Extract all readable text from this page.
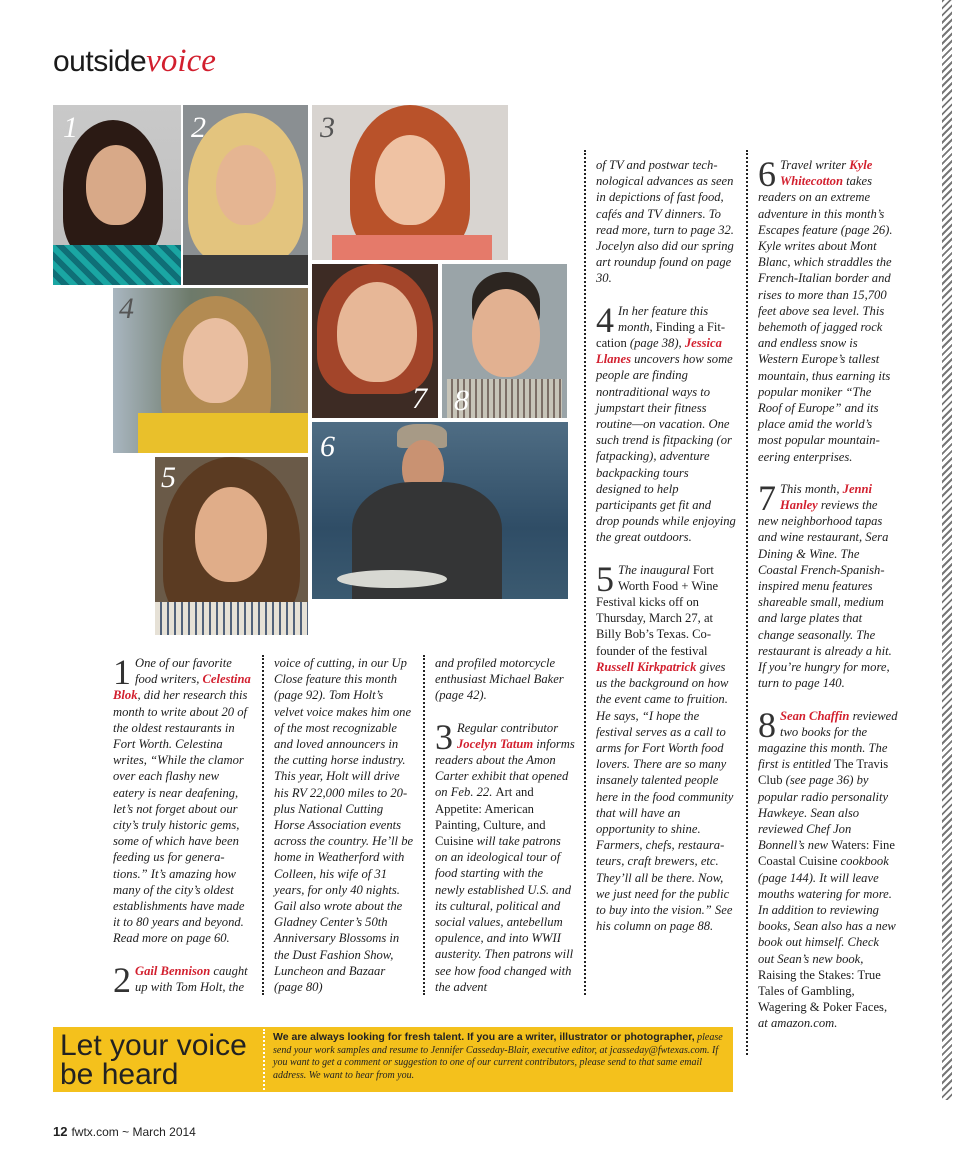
outsidevoice
1	2	3
4
7 8
6
5

1 One of our favorite food writers, Celestina Blok, did her research this month to write about 20 of the oldest restaurants in Fort Worth. Celestina writes, “While the clamor over each flashy new eatery is near deafening, let’s not forget about our city’s truly historic gems, some of which have been feeding us for generations.” It’s amazing how many of the city’s oldest establishments have made it to 80 years and beyond. Read more on page 60.

2 Gail Bennison caught up with Tom Holt, the

voice of cutting, in our Up Close feature this month (page 92). Tom Holt’s velvet voice makes him one of the most recognizable and loved announcers in the cutting horse industry. This year, Holt will drive his RV 22,000 miles to 20-plus National Cutting Horse Association events across the country. He’ll be home in Weatherford with Colleen, his wife of 31 years, for only 40 nights. Gail also wrote about the Gladney Center’s 50th Anniversary Blossoms in the Dust Fashion Show, Luncheon and Bazaar (page 80)

and profiled motorcycle enthusiast Michael Baker (page 42).

3 Regular contributor Jocelyn Tatum informs readers about the Amon Carter exhibit that opened on Feb. 22. Art and Appetite: American Painting, Culture, and Cuisine will take patrons on an ideological tour of food starting with the newly established U.S. and its cultural, political and social values, antebellum opulence, and into WWII austerity. Then patrons will see how food changed with the advent

of TV and postwar technological advances as seen in depictions of fast food, cafés and TV dinners. To read more, turn to page 32. Jocelyn also did our spring art roundup found on page 30.

4 In her feature this month, Finding a Fit-cation (page 38), Jessica Llanes uncovers how some people are finding nontraditional ways to jumpstart their fitness routine—on vacation. One such trend is fitpacking (or fatpacking), adventure backpacking tours designed to help participants get fit and drop pounds while enjoying the great outdoors.

5 The inaugural Fort Worth Food + Wine Festival kicks off on Thursday, March 27, at Billy Bob’s Texas. Co-founder of the festival Russell Kirkpatrick gives us the background on how the event came to fruition. He says, “I hope the festival serves as a call to arms for Fort Worth food lovers. There are so many insanely talented people here in the food community that will have an opportunity to shine. Farmers, chefs, restaurateurs, craft brewers, etc. They’ll all be there. Now, we just need for the public to buy into the vision.” See his column on page 88.

6 Travel writer Kyle Whitecotton takes readers on an extreme adventure in this month’s Escapes feature (page 26). Kyle writes about Mont Blanc, which straddles the French-Italian border and rises to more than 15,700 feet above sea level. This behemoth of jagged rock and endless snow is Western Europe’s tallest mountain, thus earning its popular moniker “The Roof of Europe” and its place amid the world’s most popular mountaineering enterprises.

7 This month, Jenni Hanley reviews the new neighborhood tapas and wine restaurant, Sera Dining & Wine. The Coastal French-Spanish-inspired menu features shareable small, medium and large plates that change seasonally. The restaurant is already a hit. If you’re hungry for more, turn to page 140.

8 Sean Chaffin reviewed two books for the magazine this month. The first is entitled The Travis Club (see page 36) by popular radio personality Hawkeye. Sean also reviewed Chef Jon Bonnell’s new Waters: Fine Coastal Cuisine cookbook (page 144). It will leave mouths watering for more. In addition to reviewing books, Sean also has a new book out himself. Check out Sean’s new book, Raising the Stakes: True Tales of Gambling, Wagering & Poker Faces, at amazon.com.

Let your voice be heard
We are always looking for fresh talent. If you are a writer, illustrator or photographer, please send your work samples and resume to Jennifer Casseday-Blair, executive editor, at jcasseday@fwtexas.com. If you want to get a comment or suggestion to one of our current contributors, please send to that same email address. We want to hear from you.
12 fwtx.com ~ March 2014
